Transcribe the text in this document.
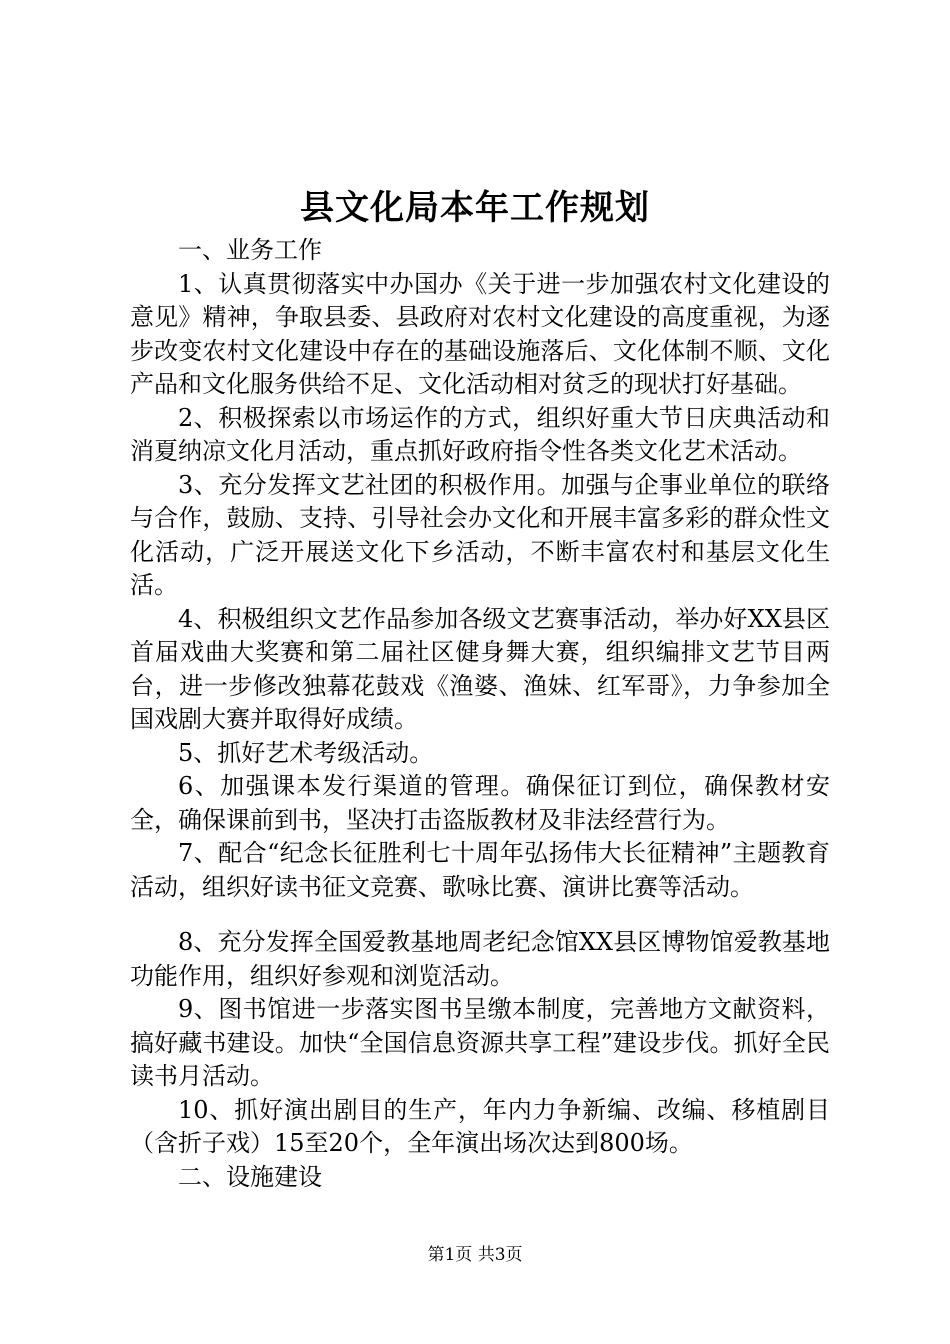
县文化局本年工作规划

一、业务工作

1、认真贯彻落实中办国办《关于进一步加强农村文化建设的意见》精神，争取县委、县政府对农村文化建设的高度重视，为逐步改变农村文化建设中存在的基础设施落后、文化体制不顺、文化产品和文化服务供给不足、文化活动相对贫乏的现状打好基础。

2、积极探索以市场运作的方式，组织好重大节日庆典活动和消夏纳凉文化月活动，重点抓好政府指令性各类文化艺术活动。

3、充分发挥文艺社团的积极作用。加强与企事业单位的联络与合作，鼓励、支持、引导社会办文化和开展丰富多彩的群众性文化活动，广泛开展送文化下乡活动，不断丰富农村和基层文化生活。

4、积极组织文艺作品参加各级文艺赛事活动，举办好XX县区首届戏曲大奖赛和第二届社区健身舞大赛，组织编排文艺节目两台，进一步修改独幕花鼓戏《渔婆、渔妹、红军哥》，力争参加全国戏剧大赛并取得好成绩。

5、抓好艺术考级活动。

6、加强课本发行渠道的管理。确保征订到位，确保教材安全，确保课前到书，坚决打击盗版教材及非法经营行为。

7、配合“纪念长征胜利七十周年弘扬伟大长征精神”主题教育活动，组织好读书征文竞赛、歌咏比赛、演讲比赛等活动。

8、充分发挥全国爱教基地周老纪念馆XX县区博物馆爱教基地功能作用，组织好参观和浏览活动。

9、图书馆进一步落实图书呈缴本制度，完善地方文献资料，搞好藏书建设。加快“全国信息资源共享工程”建设步伐。抓好全民读书月活动。

10、抓好演出剧目的生产，年内力争新编、改编、移植剧目（含折子戏）15至20个，全年演出场次达到800场。

二、设施建设

第1页 共3页
